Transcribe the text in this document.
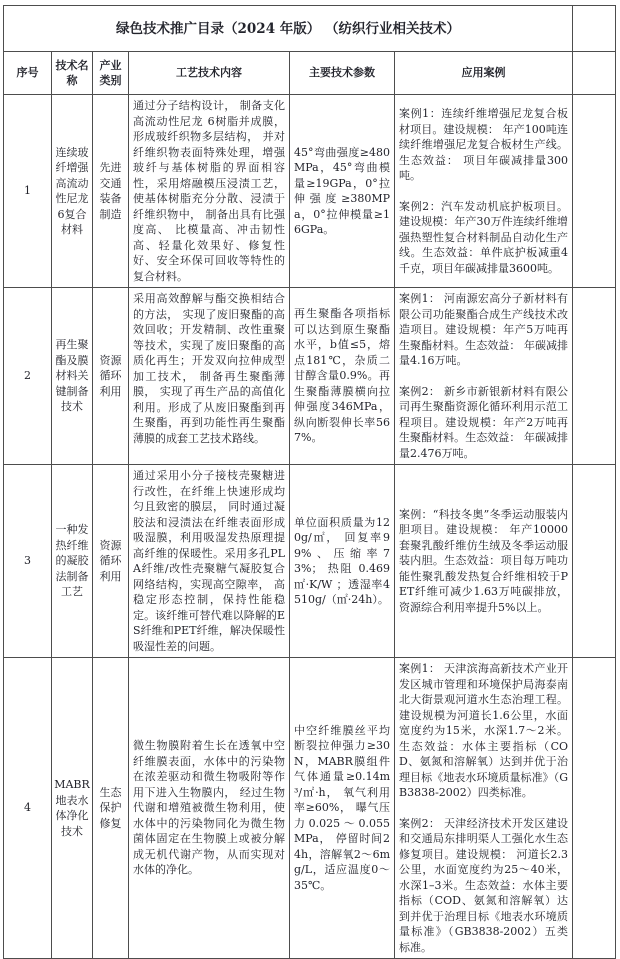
绿色技术推广目录（2024 年版） （纺织行业相关技术）						
序号	技术名称	产业类别	工艺技术内容	主要技术参数	应用案例	
1	连续玻纤增强高流动性尼龙6复合材料	先进交通装备制造	通过分子结构设计， 制备支化高流动性尼龙 6树脂并成膜，形成玻纤织物多层结构， 并对纤维织物表面特殊处理，增强玻纤与基体树脂的界面相容性，采用熔融模压浸渍工艺，使基体树脂充分分散、浸渍于纤维织物中， 制备出具有比强度高、 比模量高、冲击韧性高、轻量化效果好、修复性好、安全环保可回收等特性的复合材料。	45°弯曲强度≥480MPa，45°弯曲模量≥19GPa，0°拉伸强度≥380MPa，0°拉伸模量≥16GPa。	案例1：连续纤维增强尼龙复合板材项目。建设规模： 年产100吨连续纤维增强尼龙复合板材生产线。生态效益： 项目年碳减排量300吨。
案例2：汽车发动机底护板项目。建设规模：年产30万件连续纤维增强热塑性复合材料制品自动化生产线。生态效益：单件底护板减重4千克，项目年碳减排量3600吨。	

2	再生聚酯及膜材料关键制备技术	资源循环利用	采用高效醇解与酯交换相结合的方法， 实现了废旧聚酯的高效回收；开发精制、改性重聚等技术，实现了废旧聚酯的高质化再生；开发双向拉伸成型加工技术， 制备再生聚酯薄膜， 实现了再生产品的高值化利用。形成了从废旧聚酯到再生聚酯，再到功能性再生聚酯薄膜的成套工艺技术路线。	再生聚酯各项指标可以达到原生聚酯水平，b值≤5，熔点181℃，杂质二甘醇含量0.9%。再生聚酯薄膜横向拉伸强度346MPa，纵向断裂伸长率567%。	案例1： 河南源宏高分子新材料有限公司功能聚酯合成生产线技术改造项目。建设规模：年产5万吨再生聚酯材料。生态效益： 年碳减排量4.16万吨。
案例2： 新乡市新银新材料有限公司再生聚酯资源化循环利用示范工程项目。建设规模：年产2万吨再生聚酯材料。生态效益： 年碳减排量2.476万吨。	

3	一种发热纤维的凝胶法制备工艺	资源循环利用	通过采用小分子接枝壳聚糖进行改性，在纤维上快速形成均匀且致密的膜层， 同时通过凝胶法和浸渍法在纤维表面形成吸湿膜，利用吸湿发热原理提高纤维的保暖性。采用多孔PLA纤维/改性壳聚糖气凝胶复合网络结构，实现高空隙率， 高稳定形态控制，保持性能稳定。该纤维可替代难以降解的ES纤维和PET纤维，解决保暖性吸湿性差的问题。	单位面积质量为120g/㎡， 回复率99%、压缩率73%； 热阻 0.469㎡·K/W ；透湿率4510g/（㎡·24h）。	案例：“科技冬奥”冬季运动服装内胆项目。建设规模： 年产10000套聚乳酸纤维仿生绒及冬季运动服装内胆。生态效益：项目每万吨功能性聚乳酸发热复合纤维相较于PET纤维可减少1.63万吨碳排放， 资源综合利用率提升5%以上。	

4	MABR地表水体净化技术	生态保护修复	微生物膜附着生长在透氧中空纤维膜表面，水体中的污染物在浓差驱动和微生物吸附等作用下进入生物膜内， 经过生物代谢和增殖被微生物利用，使水体中的污染物同化为微生物菌体固定在生物膜上或被分解成无机代谢产物，从而实现对水体的净化。	中空纤维膜丝平均断裂拉伸强力≥30N，MABR膜组件气体通量≥0.14m³/㎡·h， 氧气利用率≥60%， 曝气压力0.025～0.055MPa， 停留时间24h，溶解氧2～6mg/L，适应温度0～35℃。	案例1： 天津滨海高新技术产业开发区城市管理和环境保护局海泰南北大街景观河道水生态治理工程。建设规模为河道长1.6公里，水面宽度约为15米，水深1.7～2米。生态效益：水体主要指标（COD、氨氮和溶解氧）达到并优于治理目标《地表水环境质量标准》（GB3838-2002）四类标准。
案例2： 天津经济技术开发区建设和交通局东排明渠人工强化水生态修复项目。建设规模： 河道长2.3公里，水面宽度约为25～40米，水深1–3米。生态效益：水体主要指标（COD、氨氮和溶解氧）达到并优于治理目标《地表水环境质量标准》（GB3838-2002）五类标准。	
